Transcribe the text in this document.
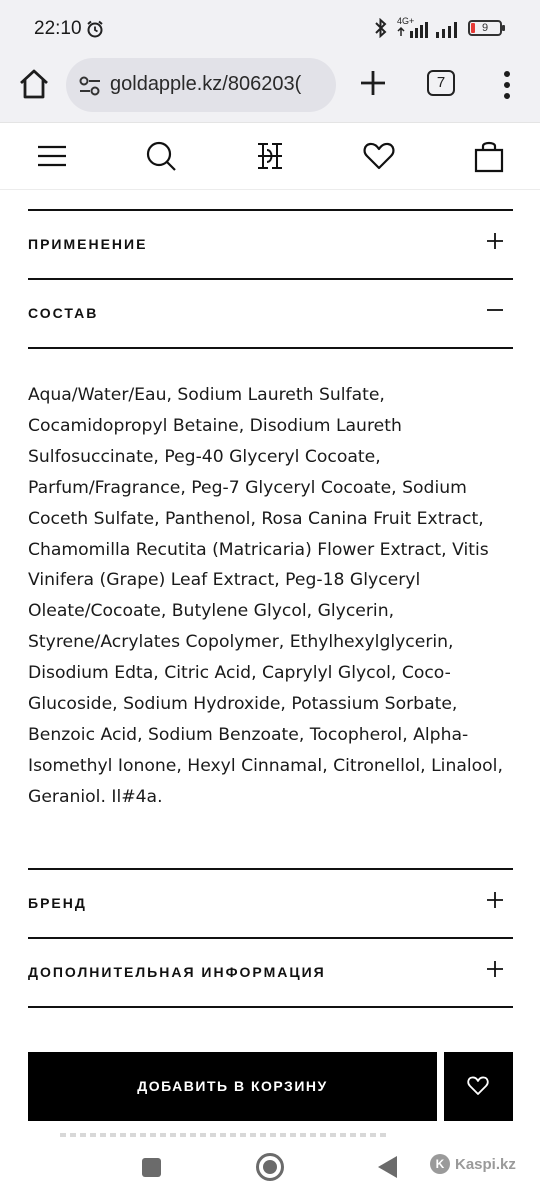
22:10	4G+
9
goldapple.kz/806203(	7
ПРИМЕНЕНИЕ
СОСТАВ

Aqua/Water/Eau, Sodium Laureth Sulfate, Cocamidopropyl Betaine, Disodium Laureth Sulfosuccinate, Peg-40 Glyceryl Cocoate, Parfum/Fragrance, Peg-7 Glyceryl Cocoate, Sodium Coceth Sulfate, Panthenol, Rosa Canina Fruit Extract, Chamomilla Recutita (Matricaria) Flower Extract, Vitis Vinifera (Grape) Leaf Extract, Peg-18 Glyceryl Oleate/Cocoate, Butylene Glycol, Glycerin, Styrene/Acrylates Copolymer, Ethylhexylglycerin, Disodium Edta, Citric Acid, Caprylyl Glycol, Coco-Glucoside, Sodium Hydroxide, Potassium Sorbate, Benzoic Acid, Sodium Benzoate, Tocopherol, Alpha-Isomethyl Ionone, Hexyl Cinnamal, Citronellol, Linalool, Geraniol. Il#4a.

БРЕНД
ДОПОЛНИТЕЛЬНАЯ ИНФОРМАЦИЯ
ДОБАВИТЬ В КОРЗИНУ
K Kaspi.kz
